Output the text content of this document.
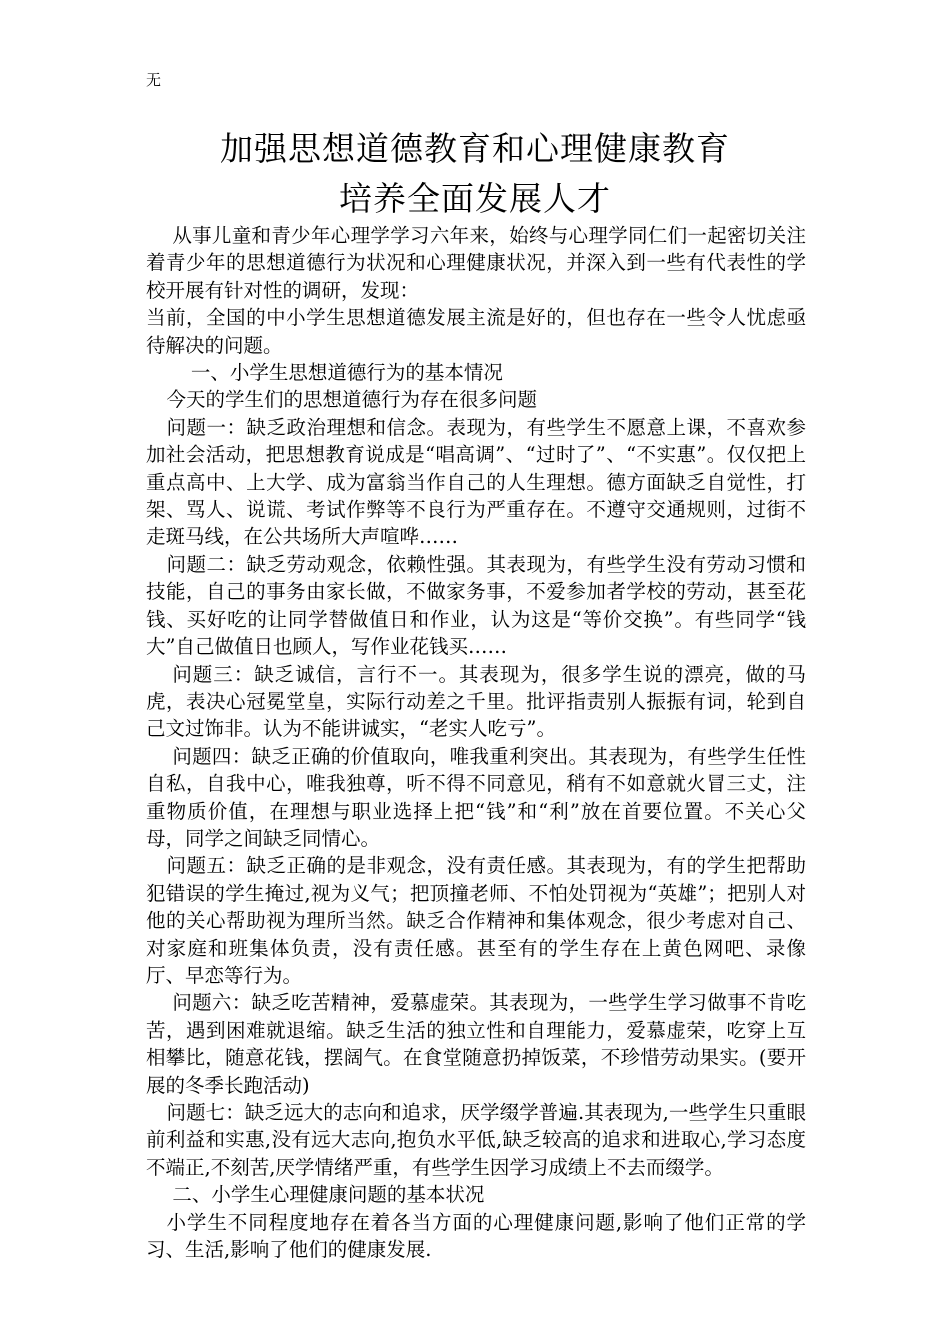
无
加强思想道德教育和心理健康教育
培养全面发展人才

从事儿童和青少年心理学学习六年来，始终与心理学同仁们一起密切关注着青少年的思想道德行为状况和心理健康状况，并深入到一些有代表性的学校开展有针对性的调研，发现：

当前，全国的中小学生思想道德发展主流是好的，但也存在一些令人忧虑亟待解决的问题。

一、小学生思想道德行为的基本情况

今天的学生们的思想道德行为存在很多问题

问题一：缺乏政治理想和信念。表现为，有些学生不愿意上课，不喜欢参加社会活动，把思想教育说成是“唱高调”、“过时了”、“不实惠”。仅仅把上重点高中、上大学、成为富翁当作自己的人生理想。德方面缺乏自觉性，打架、骂人、说谎、考试作弊等不良行为严重存在。不遵守交通规则，过街不走斑马线，在公共场所大声喧哗……

问题二：缺乏劳动观念，依赖性强。其表现为，有些学生没有劳动习惯和技能，自己的事务由家长做，不做家务事，不爱参加者学校的劳动，甚至花钱、买好吃的让同学替做值日和作业，认为这是“等价交换”。有些同学“钱大”自己做值日也顾人，写作业花钱买……

问题三：缺乏诚信，言行不一。其表现为，很多学生说的漂亮，做的马虎，表决心冠冕堂皇，实际行动差之千里。批评指责别人振振有词，轮到自己文过饰非。认为不能讲诚实，“老实人吃亏”。

问题四：缺乏正确的价值取向，唯我重利突出。其表现为，有些学生任性自私，自我中心，唯我独尊，听不得不同意见，稍有不如意就火冒三丈，注重物质价值，在理想与职业选择上把“钱”和“利”放在首要位置。不关心父母，同学之间缺乏同情心。

问题五：缺乏正确的是非观念，没有责任感。其表现为，有的学生把帮助犯错误的学生掩过,视为义气；把顶撞老师、不怕处罚视为“英雄”；把别人对他的关心帮助视为理所当然。缺乏合作精神和集体观念，很少考虑对自己、对家庭和班集体负责，没有责任感。甚至有的学生存在上黄色网吧、录像厅、早恋等行为。

问题六：缺乏吃苦精神，爱慕虚荣。其表现为，一些学生学习做事不肯吃苦，遇到困难就退缩。缺乏生活的独立性和自理能力，爱慕虚荣，吃穿上互相攀比，随意花钱，摆阔气。在食堂随意扔掉饭菜，不珍惜劳动果实。(要开展的冬季长跑活动)

问题七：缺乏远大的志向和追求，厌学缀学普遍.其表现为,一些学生只重眼前利益和实惠,没有远大志向,抱负水平低,缺乏较高的追求和进取心,学习态度不端正,不刻苦,厌学情绪严重，有些学生因学习成绩上不去而缀学。

二、小学生心理健康问题的基本状况

小学生不同程度地存在着各当方面的心理健康问题,影响了他们正常的学习、生活,影响了他们的健康发展.
